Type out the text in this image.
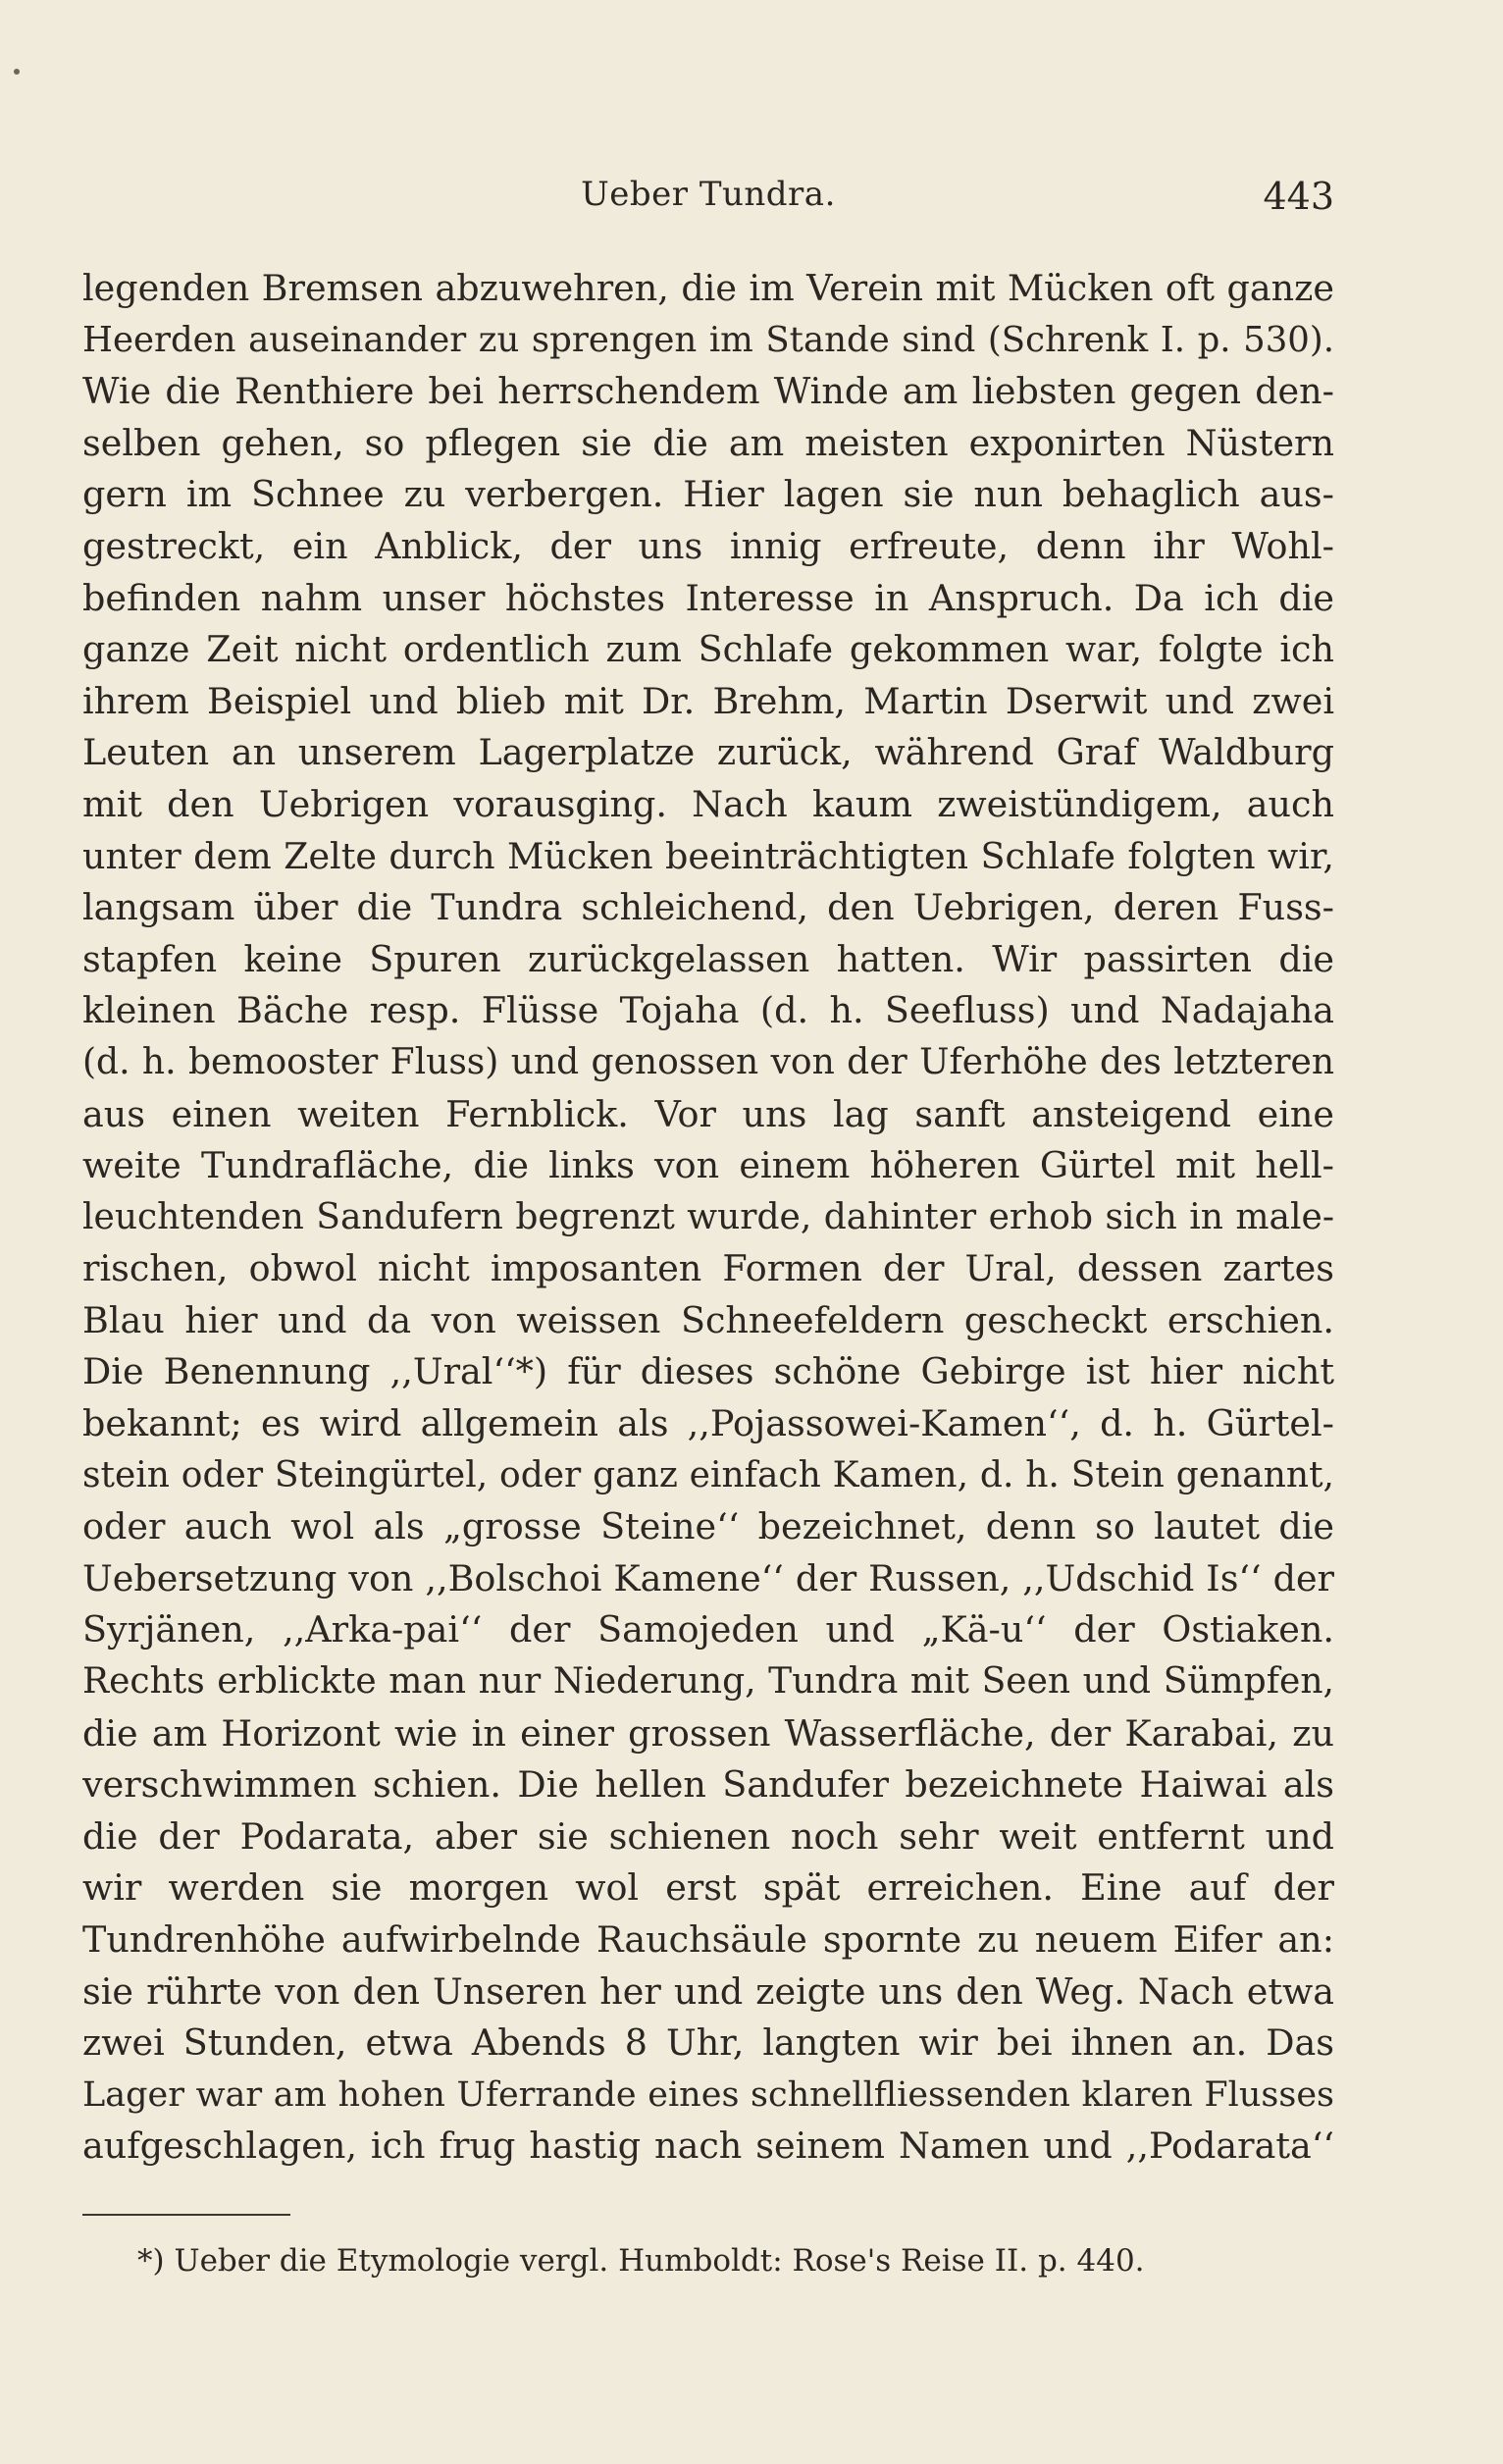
Ueber Tundra.	443
legenden Bremsen abzuwehren, die im Verein mit Mücken oft ganze
Heerden auseinander zu sprengen im Stande sind (Schrenk I. p. 530).
Wie die Renthiere bei herrschendem Winde am liebsten gegen den-
selben gehen, so pflegen sie die am meisten exponirten Nüstern
gern im Schnee zu verbergen. Hier lagen sie nun behaglich aus-
gestreckt, ein Anblick, der uns innig erfreute, denn ihr Wohl-
befinden nahm unser höchstes Interesse in Anspruch. Da ich die
ganze Zeit nicht ordentlich zum Schlafe gekommen war, folgte ich
ihrem Beispiel und blieb mit Dr. Brehm, Martin Dserwit und zwei
Leuten an unserem Lagerplatze zurück, während Graf Waldburg
mit den Uebrigen vorausging. Nach kaum zweistündigem, auch
unter dem Zelte durch Mücken beeinträchtigten Schlafe folgten wir,
langsam über die Tundra schleichend, den Uebrigen, deren Fuss-
stapfen keine Spuren zurückgelassen hatten. Wir passirten die
kleinen Bäche resp. Flüsse Tojaha (d. h. Seefluss) und Nadajaha
(d. h. bemooster Fluss) und genossen von der Uferhöhe des letzteren
aus einen weiten Fernblick. Vor uns lag sanft ansteigend eine
weite Tundrafläche, die links von einem höheren Gürtel mit hell-
leuchtenden Sandufern begrenzt wurde, dahinter erhob sich in male-
rischen, obwol nicht imposanten Formen der Ural, dessen zartes
Blau hier und da von weissen Schneefeldern gescheckt erschien.
Die Benennung ,,Ural‘‘*) für dieses schöne Gebirge ist hier nicht
bekannt; es wird allgemein als ,,Pojassowei-Kamen‘‘, d. h. Gürtel-
stein oder Steingürtel, oder ganz einfach Kamen, d. h. Stein genannt,
oder auch wol als „grosse Steine‘‘ bezeichnet, denn so lautet die
Uebersetzung von ,,Bolschoi Kamene‘‘ der Russen, ,,Udschid Is‘‘ der
Syrjänen, ,,Arka-pai‘‘ der Samojeden und „Kä-u‘‘ der Ostiaken.
Rechts erblickte man nur Niederung, Tundra mit Seen und Sümpfen,
die am Horizont wie in einer grossen Wasserfläche, der Karabai, zu
verschwimmen schien. Die hellen Sandufer bezeichnete Haiwai als
die der Podarata, aber sie schienen noch sehr weit entfernt und
wir werden sie morgen wol erst spät erreichen. Eine auf der
Tundrenhöhe aufwirbelnde Rauchsäule spornte zu neuem Eifer an:
sie rührte von den Unseren her und zeigte uns den Weg. Nach etwa
zwei Stunden, etwa Abends 8 Uhr, langten wir bei ihnen an. Das
Lager war am hohen Uferrande eines schnellfliessenden klaren Flusses
aufgeschlagen, ich frug hastig nach seinem Namen und ,,Podarata‘‘
*) Ueber die Etymologie vergl. Humboldt: Rose's Reise II. p. 440.
